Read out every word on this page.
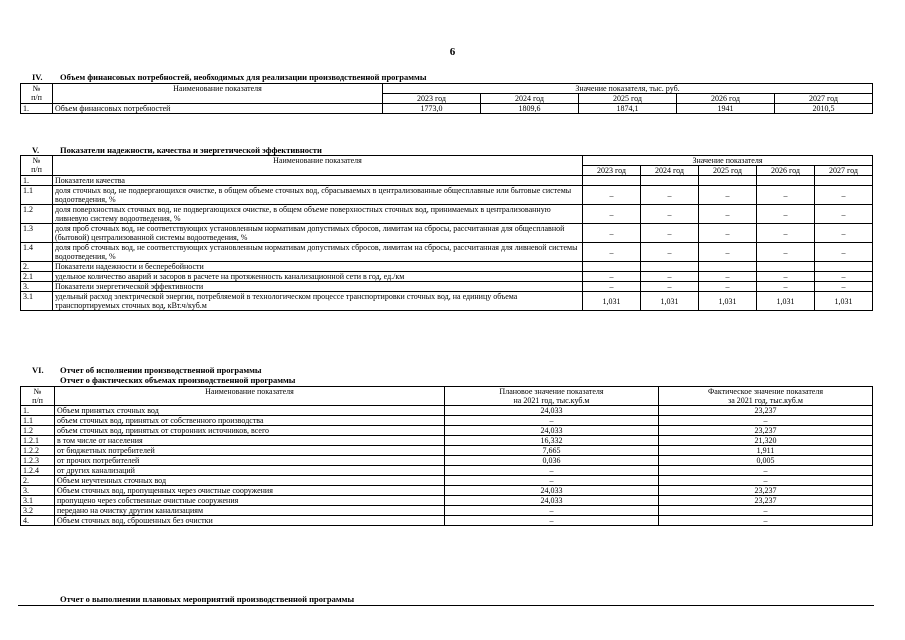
6
IV. Объем финансовых потребностей, необходимых для реализации производственной программы
№
п/п	Наименование показателя	Значение показателя, тыс. руб.				
		2023 год	2024 год	2025 год	2026 год	2027 год
1.	Объем финансовых потребностей	1773,0	1809,6	1874,1	1941	2010,5
V. Показатели надежности, качества и энергетической эффективности
№
п/п	Наименование показателя	Значение показателя				
		2023 год	2024 год	2025 год	2026 год	2027 год
1.	Показатели качества					
1.1	доля сточных вод, не подвергающихся очистке, в общем объеме сточных вод, сбрасываемых в централизованные общесплавные или бытовые системы водоотведения, %	–	–	–	–	–
1.2	доля поверхностных сточных вод, не подвергающихся очистке, в общем объеме поверхностных сточных вод, принимаемых в централизованную ливневую систему водоотведения, %	–	–	–	–	–
1.3	доля проб сточных вод, не соответствующих установленным нормативам допустимых сбросов, лимитам на сбросы, рассчитанная для общесплавной (бытовой) централизованной системы водоотведения, %	–	–	–	–	–
1.4	доля проб сточных вод, не соответствующих установленным нормативам допустимых сбросов, лимитам на сбросы, рассчитанная для ливневой системы водоотведения, %	–	–	–	–	–
2.	Показатели надежности и бесперебойности					
2.1	удельное количество аварий и засоров в расчете на протяженность канализационной сети в год, ед./км	–	–	–	–	–
3.	Показатели энергетической эффективности	–	–	–	–	–
3.1	удельный расход электрической энергии, потребляемой в технологическом процессе транспортировки сточных вод, на единицу объема транспортируемых сточных вод, кВт.ч/куб.м	1,031	1,031	1,031	1,031	1,031
VI. Отчет об исполнении производственной программы
Отчет о фактических объемах производственной программы
№
п/п	Наименование показателя	Плановое значение показателя
на 2021 год, тыс.куб.м	Фактическое значение показателя
за 2021 год, тыс.куб.м
1.	Объем принятых сточных вод	24,033	23,237
1.1	объем сточных вод, принятых от собственного производства	–	–
1.2	объем сточных вод, принятых от сторонних источников, всего	24,033	23,237
1.2.1	в том числе от населения	16,332	21,320
1.2.2	от бюджетных потребителей	7,665	1,911
1.2.3	от прочих потребителей	0,036	0,005
1.2.4	от других канализаций	–	–
2.	Объем неучтенных сточных вод	–	–
3.	Объем сточных вод, пропущенных через очистные сооружения	24,033	23,237
3.1	пропущено через собственные очистные сооружения	24,033	23,237
3.2	передано на очистку другим канализациям	–	–
4.	Объем сточных вод, сброшенных без очистки	–	–
Отчет о выполнении плановых мероприятий производственной программы
